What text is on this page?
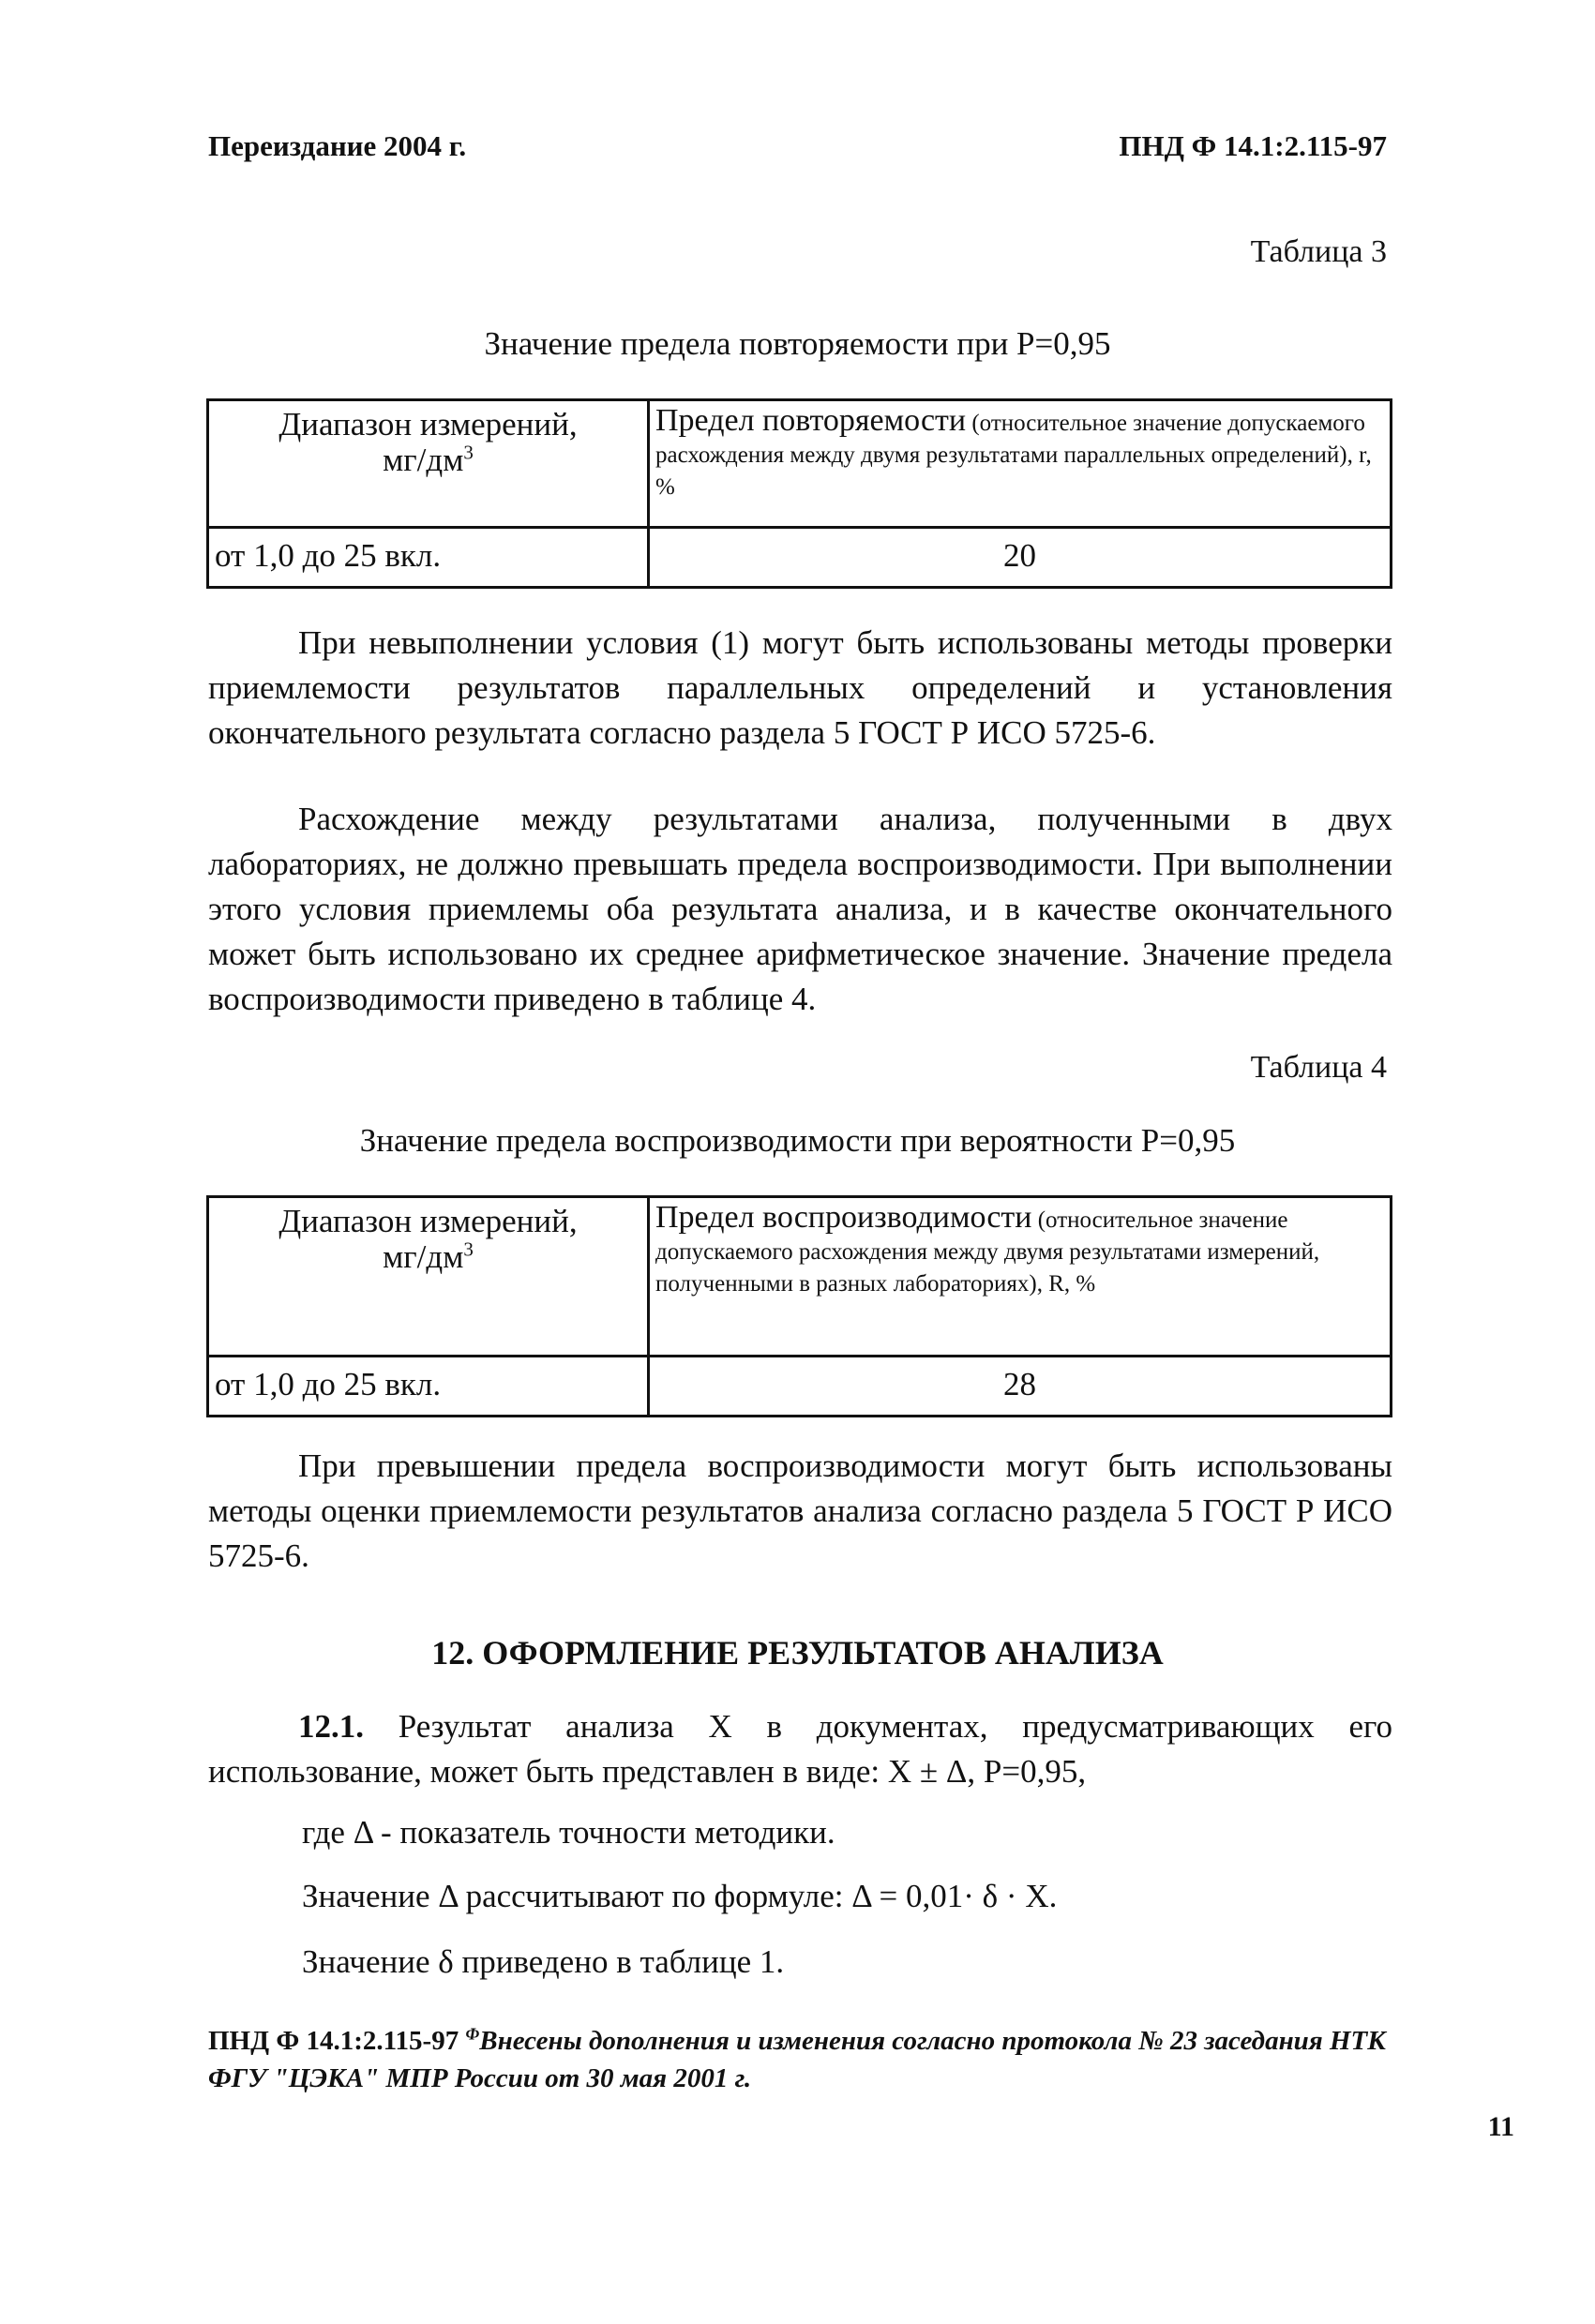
Переиздание 2004 г.	ПНД Ф 14.1:2.115-97
Таблица 3
Значение предела повторяемости при Р=0,95
Диапазон измерений,
$мг/дм^3$	Предел повторяемости (относительное значение допускаемого расхождения между двумя результатами параллельных определений), r, %
от 1,0 до 25 вкл.	20
При невыполнении условия (1) могут быть использованы методы проверки приемлемости результатов параллельных определений и установления окончательного результата согласно раздела 5 ГОСТ Р ИСО 5725-6.
Расхождение между результатами анализа, полученными в двух лабораториях, не должно превышать предела воспроизводимости. При выполнении этого условия приемлемы оба результата анализа, и в качестве окончательного может быть использовано их среднее арифметическое значение. Значение предела воспроизводимости приведено в таблице 4.
Таблица 4
Значение предела воспроизводимости при вероятности Р=0,95
Диапазон измерений,
$мг/дм^3$	Предел воспроизводимости (относительное значение допускаемого расхождения между двумя результатами измерений, полученными в разных лабораториях), R, %
от 1,0 до 25 вкл.	28
При превышении предела воспроизводимости могут быть использованы методы оценки приемлемости результатов анализа согласно раздела 5 ГОСТ Р ИСО 5725-6.
12. ОФОРМЛЕНИЕ РЕЗУЛЬТАТОВ АНАЛИЗА
12.1. Результат анализа X в документах, предусматривающих его использование, может быть представлен в виде: X ± Δ, Р=0,95,
где Δ - показатель точности методики.
Значение Δ рассчитывают по формуле: Δ = 0,01· δ · X.
Значение δ приведено в таблице 1.
ПНД Ф 14.1:2.115-97 $^Ф$Внесены дополнения и изменения согласно протокола № 23 заседания НТК ФГУ "ЦЭКА" МПР России от 30 мая 2001 г.
11
